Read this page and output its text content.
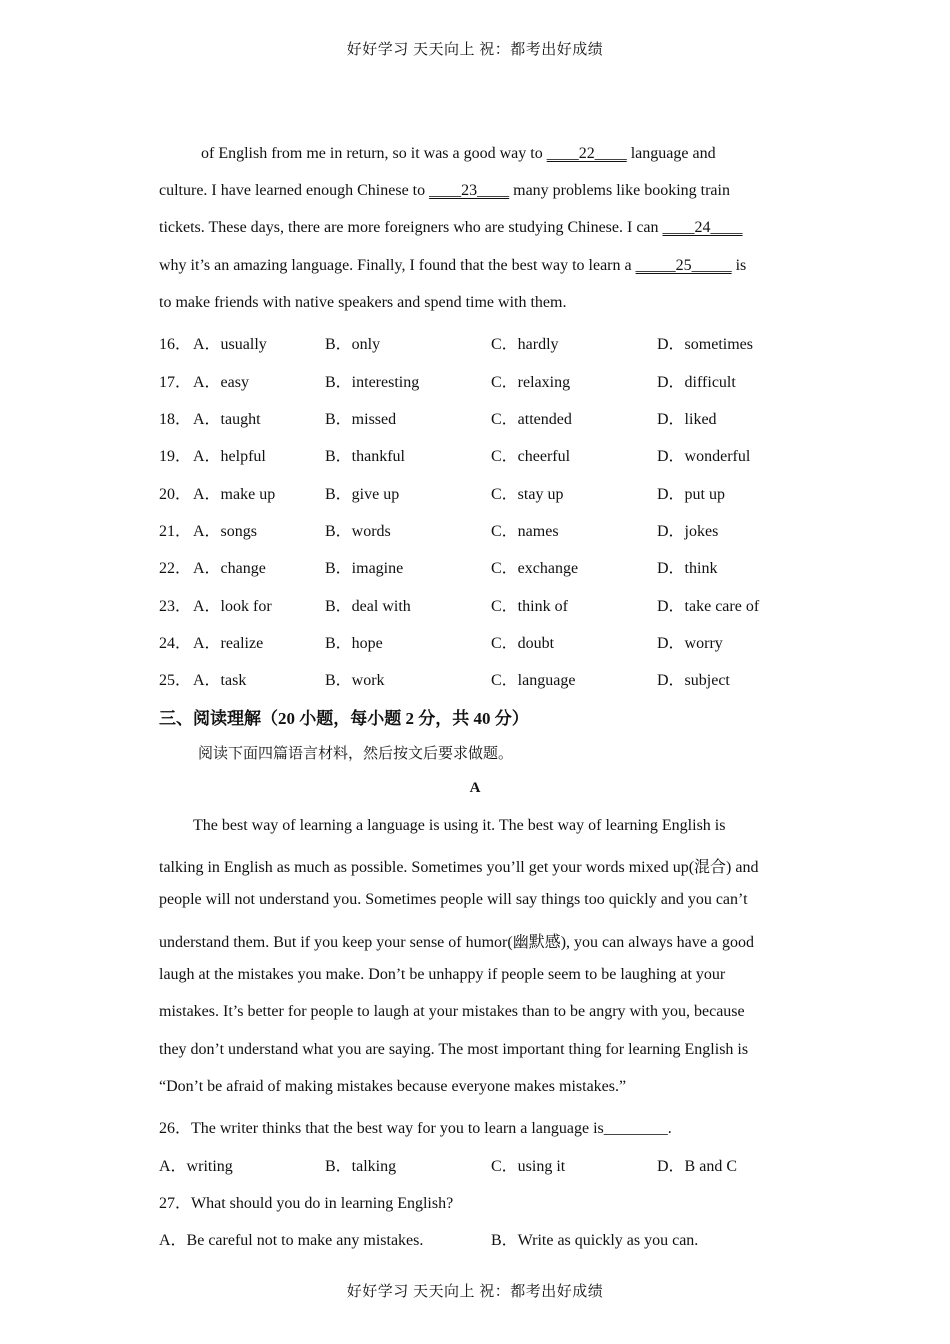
好好学习 天天向上 祝：都考出好成绩
of English from me in return, so it was a good way to ____22____ language and
culture. I have learned enough Chinese to ____23____ many problems like booking train
tickets. These days, there are more foreigners who are studying Chinese. I can ____24____
why it’s an amazing language. Finally, I found that the best way to learn a _____25_____ is
to make friends with native speakers and spend time with them.
16． A．usually	B．only	C．hardly	D．sometimes
17． A．easy	B．interesting	C．relaxing	D．difficult
18． A．taught	B．missed	C．attended	D．liked
19． A．helpful	B．thankful	C．cheerful	D．wonderful
20． A．make up	B．give up	C．stay up	D．put up
21． A．songs	B．words	C．names	D．jokes
22． A．change	B．imagine	C．exchange	D．think
23． A．look for	B．deal with	C．think of	D．take care of
24． A．realize	B．hope	C．doubt	D．worry
25． A．task	B．work	C．language	D．subject
三、阅读理解（20 小题，每小题 2 分，共 40 分）
阅读下面四篇语言材料，然后按文后要求做题。
A
The best way of learning a language is using it. The best way of learning English is
talking in English as much as possible. Sometimes you’ll get your words mixed up(混合) and
people will not understand you. Sometimes people will say things too quickly and you can’t
understand them. But if you keep your sense of humor(幽默感), you can always have a good
laugh at the mistakes you make. Don’t be unhappy if people seem to be laughing at your
mistakes. It’s better for people to laugh at your mistakes than to be angry with you, because
they don’t understand what you are saying. The most important thing for learning English is
“Don’t be afraid of making mistakes because everyone makes mistakes.”
26．The writer thinks that the best way for you to learn a language is________.
A．writing	B．talking	C．using it	D．B and C
27．What should you do in learning English?
A．Be careful not to make any mistakes.	B．Write as quickly as you can.
好好学习 天天向上 祝：都考出好成绩
